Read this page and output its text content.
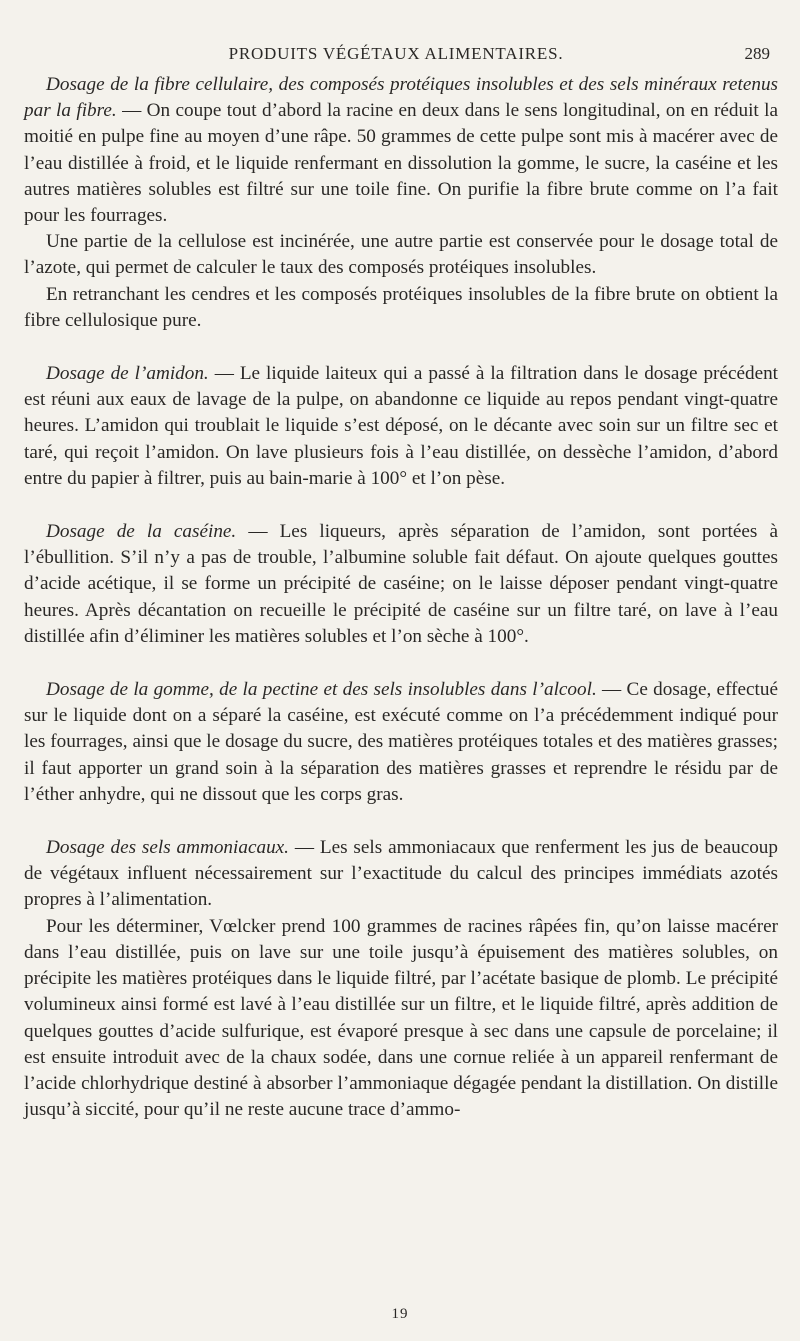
PRODUITS VÉGÉTAUX ALIMENTAIRES.	289

Dosage de la fibre cellulaire, des composés protéiques insolubles et des sels minéraux retenus par la fibre. — On coupe tout d’abord la racine en deux dans le sens longitudinal, on en réduit la moitié en pulpe fine au moyen d’une râpe. 50 grammes de cette pulpe sont mis à macérer avec de l’eau distillée à froid, et le liquide renfermant en dissolution la gomme, le sucre, la caséine et les autres matières solubles est filtré sur une toile fine. On purifie la fibre brute comme on l’a fait pour les fourrages.

Une partie de la cellulose est incinérée, une autre partie est conservée pour le dosage total de l’azote, qui permet de calculer le taux des composés protéiques insolubles.

En retranchant les cendres et les composés protéiques insolubles de la fibre brute on obtient la fibre cellulosique pure.

Dosage de l’amidon. — Le liquide laiteux qui a passé à la filtration dans le dosage précédent est réuni aux eaux de lavage de la pulpe, on abandonne ce liquide au repos pendant vingt-quatre heures. L’amidon qui troublait le liquide s’est déposé, on le décante avec soin sur un filtre sec et taré, qui reçoit l’amidon. On lave plusieurs fois à l’eau distillée, on dessèche l’amidon, d’abord entre du papier à filtrer, puis au bain-marie à 100° et l’on pèse.

Dosage de la caséine. — Les liqueurs, après séparation de l’amidon, sont portées à l’ébullition. S’il n’y a pas de trouble, l’albumine soluble fait défaut. On ajoute quelques gouttes d’acide acétique, il se forme un précipité de caséine; on le laisse déposer pendant vingt-quatre heures. Après décantation on recueille le précipité de caséine sur un filtre taré, on lave à l’eau distillée afin d’éliminer les matières solubles et l’on sèche à 100°.

Dosage de la gomme, de la pectine et des sels insolubles dans l’alcool. — Ce dosage, effectué sur le liquide dont on a séparé la caséine, est exécuté comme on l’a précédemment indiqué pour les fourrages, ainsi que le dosage du sucre, des matières protéiques totales et des matières grasses; il faut apporter un grand soin à la séparation des matières grasses et reprendre le résidu par de l’éther anhydre, qui ne dissout que les corps gras.

Dosage des sels ammoniacaux. — Les sels ammoniacaux que renferment les jus de beaucoup de végétaux influent nécessairement sur l’exactitude du calcul des principes immédiats azotés propres à l’alimentation.

Pour les déterminer, Vœlcker prend 100 grammes de racines râpées fin, qu’on laisse macérer dans l’eau distillée, puis on lave sur une toile jusqu’à épuisement des matières solubles, on précipite les matières protéiques dans le liquide filtré, par l’acétate basique de plomb. Le précipité volumineux ainsi formé est lavé à l’eau distillée sur un filtre, et le liquide filtré, après addition de quelques gouttes d’acide sulfurique, est évaporé presque à sec dans une capsule de porcelaine; il est ensuite introduit avec de la chaux sodée, dans une cornue reliée à un appareil renfermant de l’acide chlorhydrique destiné à absorber l’ammoniaque dégagée pendant la distillation. On distille jusqu’à siccité, pour qu’il ne reste aucune trace d’ammo-

19
